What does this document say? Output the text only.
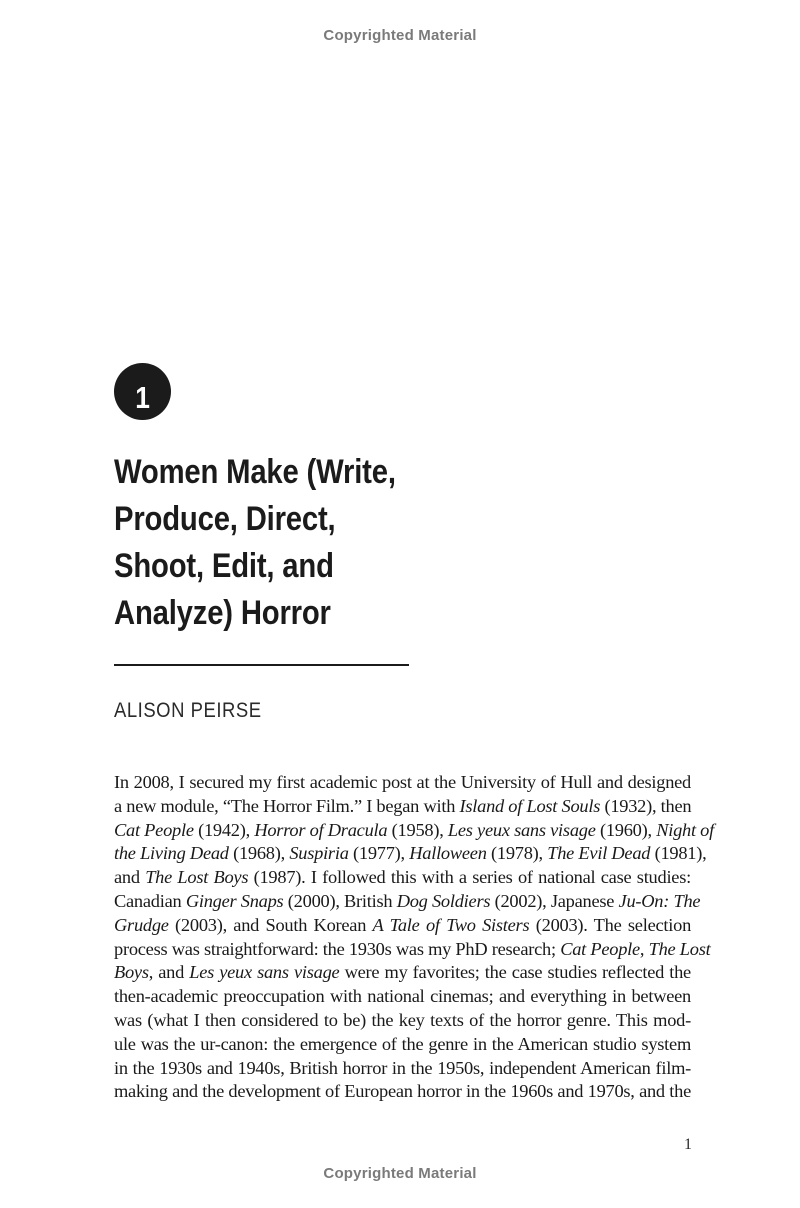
Copyrighted Material
1
Women Make (Write,
Produce, Direct,
Shoot, Edit, and
Analyze) Horror
ALISON PEIRSE
In 2008, I secured my first academic post at the University of Hull and designed
a new module, “The Horror Film.” I began with Island of Lost Souls (1932), then
Cat People (1942), Horror of Dracula (1958), Les yeux sans visage (1960), Night of
the Living Dead (1968), Suspiria (1977), Halloween (1978), The Evil Dead (1981),
and The Lost Boys (1987). I followed this with a series of national case studies:
Canadian Ginger Snaps (2000), British Dog Soldiers (2002), Japanese Ju-On: The
Grudge (2003), and South Korean A Tale of Two Sisters (2003). The selection
process was straightforward: the 1930s was my PhD research; Cat People, The Lost
Boys, and Les yeux sans visage were my favorites; the case studies reflected the
then-academic preoccupation with national cinemas; and everything in between
was (what I then considered to be) the key texts of the horror genre. This mod-
ule was the ur-canon: the emergence of the genre in the American studio system
in the 1930s and 1940s, British horror in the 1950s, independent American film-
making and the development of European horror in the 1960s and 1970s, and the
1
Copyrighted Material
